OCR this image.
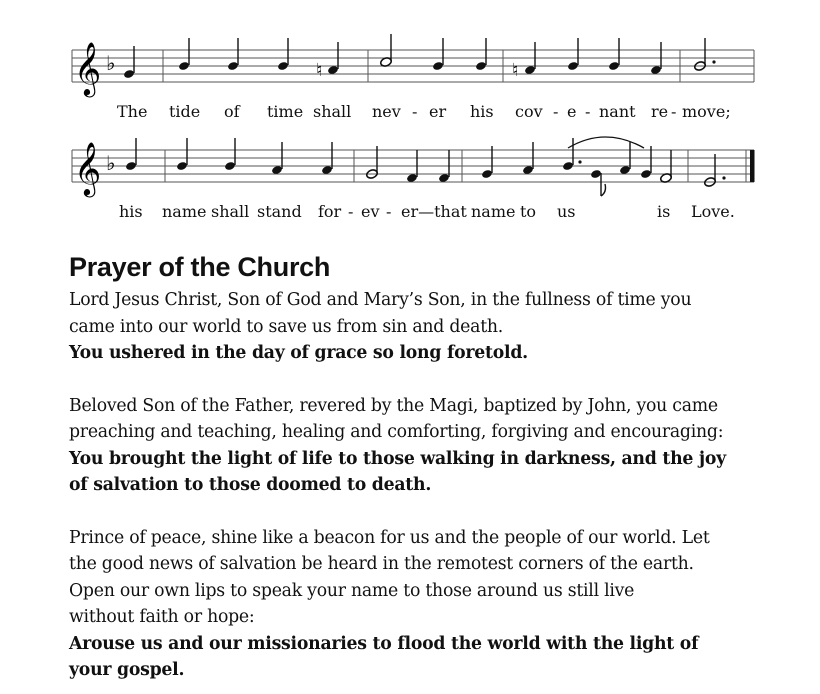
𝄞 ♭	♮	♮
The tide of time shall nev - er his cov - e - nant re - move;
𝄞 ♭
his name shall stand for - ev - er—that name to us	is Love.
Prayer of the Church

Lord Jesus Christ, Son of God and Mary’s Son, in the fullness of time you

came into our world to save us from sin and death.

You ushered in the day of grace so long foretold.

Beloved Son of the Father, revered by the Magi, baptized by John, you came

preaching and teaching, healing and comforting, forgiving and encouraging:

You brought the light of life to those walking in darkness, and the joy

of salvation to those doomed to death.

Prince of peace, shine like a beacon for us and the people of our world. Let

the good news of salvation be heard in the remotest corners of the earth.

Open our own lips to speak your name to those around us still live

without faith or hope:

Arouse us and our missionaries to flood the world with the light of

your gospel.
